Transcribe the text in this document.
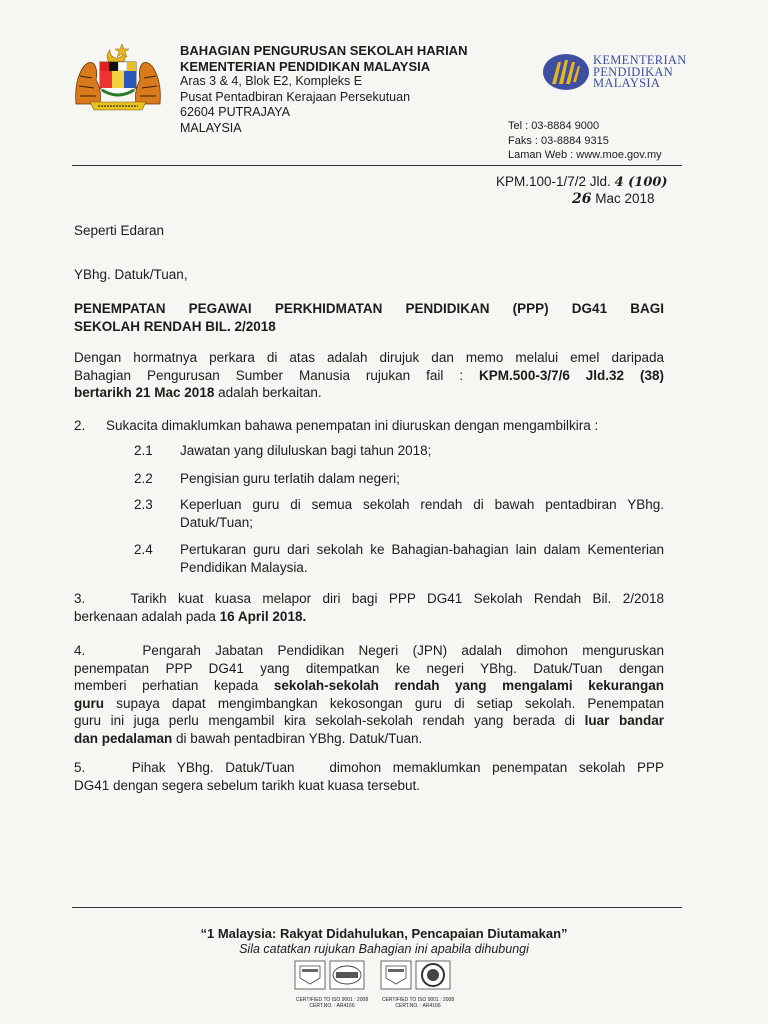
BAHAGIAN PENGURUSAN SEKOLAH HARIAN

KEMENTERIAN PENDIDIKAN MALAYSIA

Aras 3 & 4, Blok E2, Kompleks E

Pusat Pentadbiran Kerajaan Persekutuan

62604 PUTRAJAYA

MALAYSIA

KEMENTERIAN
PENDIDIKAN
MALAYSIA
Tel : 03-8884 9000
Faks : 03-8884 9315
Laman Web : www.moe.gov.my
KPM.100-1/7/2 Jld. 4 (100)
26 Mac 2018

Seperti Edaran

YBhg. Datuk/Tuan,

PENEMPATAN PEGAWAI PERKHIDMATAN PENDIDIKAN (PPP) DG41 BAGI

SEKOLAH RENDAH BIL. 2/2018

Dengan hormatnya perkara di atas adalah dirujuk dan memo melalui emel daripada

Bahagian Pengurusan Sumber Manusia rujukan fail : KPM.500-3/7/6 Jld.32 (38)

bertarikh 21 Mac 2018 adalah berkaitan.

2. Sukacita dimaklumkan bahawa penempatan ini diuruskan dengan mengambilkira :
2.1 Jawatan yang diluluskan bagi tahun 2018;
2.2 Pengisian guru terlatih dalam negeri;
2.3 Keperluan guru di semua sekolah rendah di bawah pentadbiran YBhg. Datuk/Tuan;
2.4 Pertukaran guru dari sekolah ke Bahagian-bahagian lain dalam Kementerian Pendidikan Malaysia.

3.    Tarikh kuat kuasa melapor diri bagi PPP DG41 Sekolah Rendah Bil. 2/2018

berkenaan adalah pada 16 April 2018.

4.    Pengarah Jabatan Pendidikan Negeri (JPN) adalah dimohon menguruskan

penempatan PPP DG41 yang ditempatkan ke negeri YBhg. Datuk/Tuan dengan

memberi perhatian kepada sekolah-sekolah rendah yang mengalami kekurangan

guru supaya dapat mengimbangkan kekosongan guru di setiap sekolah. Penempatan

guru ini juga perlu mengambil kira sekolah-sekolah rendah yang berada di luar bandar

dan pedalaman di bawah pentadbiran YBhg. Datuk/Tuan.

5.    Pihak YBhg. Datuk/Tuan   dimohon memaklumkan penempatan sekolah PPP

DG41 dengan segera sebelum tarikh kuat kuasa tersebut.

“1 Malaysia: Rakyat Didahulukan, Pencapaian Diutamakan”

Sila catatkan rujukan Bahagian ini apabila dihubungi

CERTIFIED TO ISO 9001 : 2008
CERT.NO. : AR4166
CERTIFIED TO ISO 9001 : 2008
CERT.NO. : AR4166
